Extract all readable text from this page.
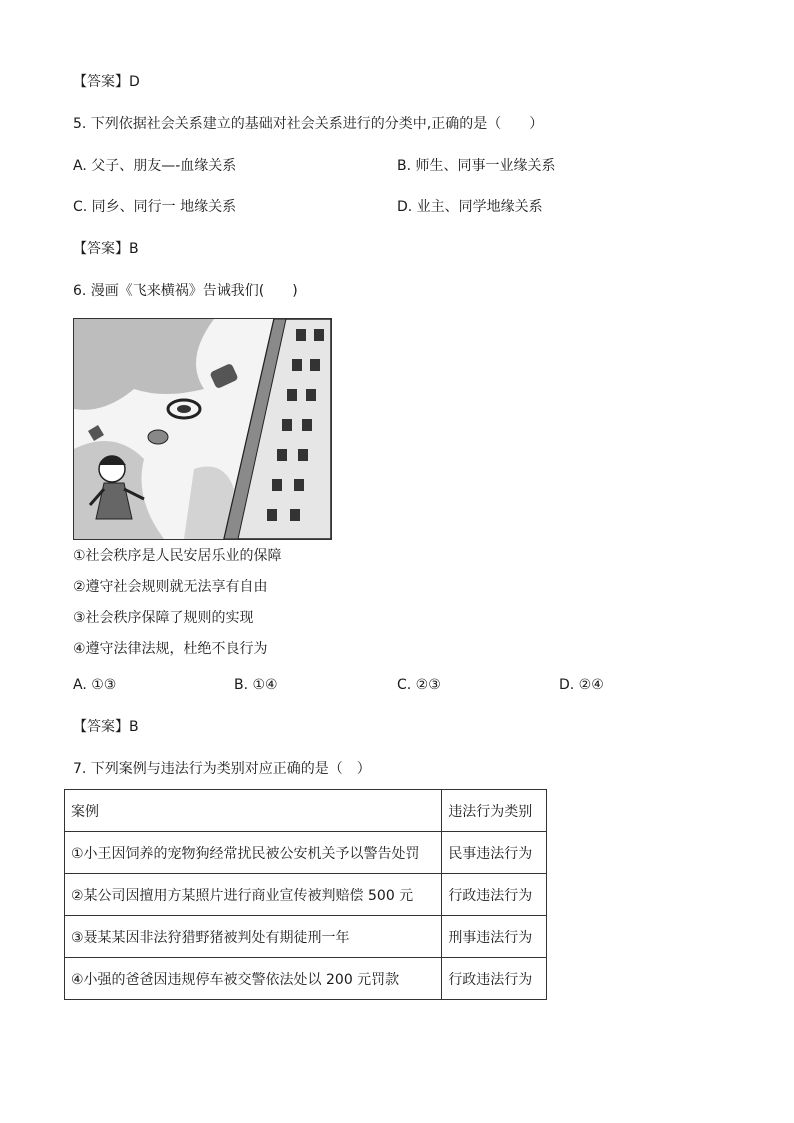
【答案】D
5. 下列依据社会关系建立的基础对社会关系进行的分类中,正确的是（　　）
A. 父子、朋友—-血缘关系	B. 师生、同事一业缘关系
C. 同乡、同行一 地缘关系	D. 业主、同学地缘关系
【答案】B
6. 漫画《飞来横祸》告诫我们(　　)
①社会秩序是人民安居乐业的保障
②遵守社会规则就无法享有自由
③社会秩序保障了规则的实现
④遵守法律法规，杜绝不良行为
A. ①③	B. ①④	C. ②③	D. ②④
【答案】B
7. 下列案例与违法行为类别对应正确的是（　）
案例	违法行为类别
①小王因饲养的宠物狗经常扰民被公安机关予以警告处罚	民事违法行为
②某公司因擅用方某照片进行商业宣传被判赔偿 500 元	行政违法行为
③聂某某因非法狩猎野猪被判处有期徒刑一年	刑事违法行为
④小强的爸爸因违规停车被交警依法处以 200 元罚款	行政违法行为
